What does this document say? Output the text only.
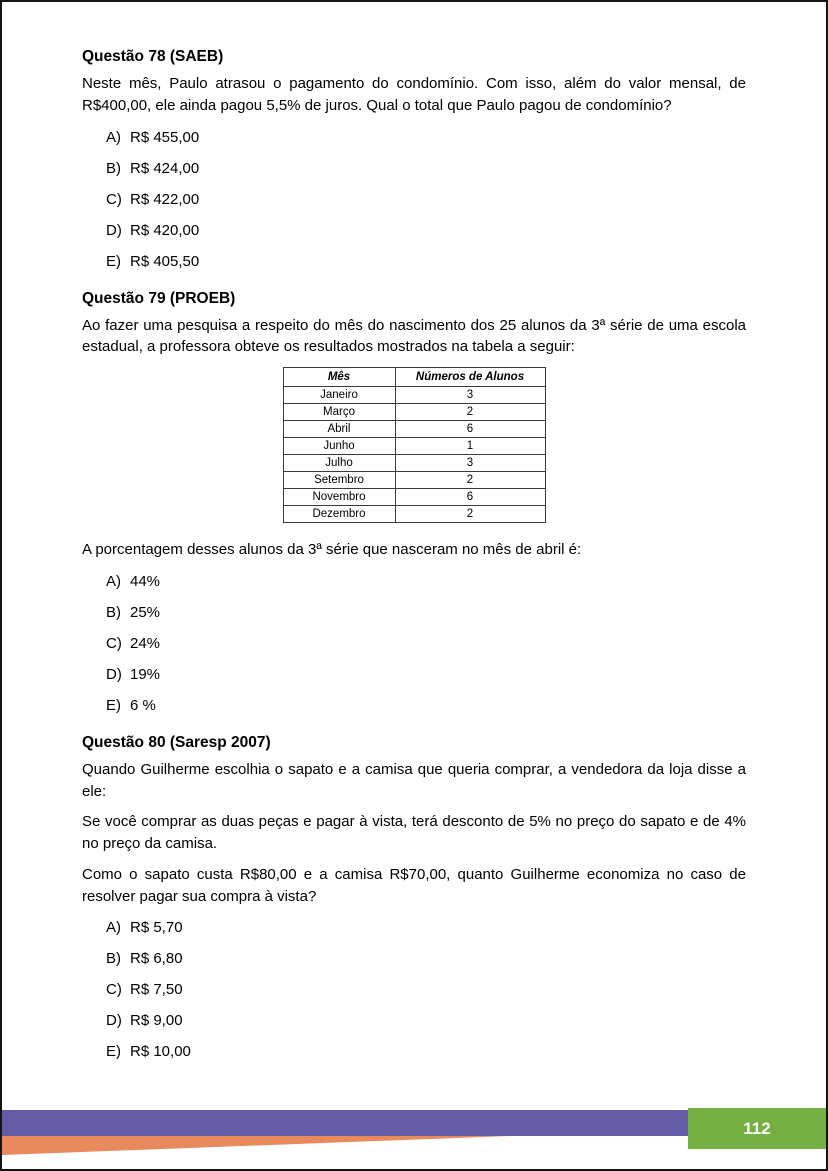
Questão 78 (SAEB)

Neste mês, Paulo atrasou o pagamento do condomínio. Com isso, além do valor mensal, de R$400,00, ele ainda pagou 5,5% de juros. Qual o total que Paulo pagou de condomínio?

A) R$ 455,00
B) R$ 424,00
C) R$ 422,00
D) R$ 420,00
E) R$ 405,50
Questão 79 (PROEB)

Ao fazer uma pesquisa a respeito do mês do nascimento dos 25 alunos da 3ª série de uma escola estadual, a professora obteve os resultados mostrados na tabela a seguir:

Mês	Números de Alunos
Janeiro	3
Março	2
Abril	6
Junho	1
Julho	3
Setembro	2
Novembro	6
Dezembro	2

A porcentagem desses alunos da 3ª série que nasceram no mês de abril é:

A) 44%
B) 25%
C) 24%
D) 19%
E) 6 %
Questão 80 (Saresp 2007)

Quando Guilherme escolhia o sapato e a camisa que queria comprar, a vendedora da loja disse a ele:

Se você comprar as duas peças e pagar à vista, terá desconto de 5% no preço do sapato e de 4% no preço da camisa.

Como o sapato custa R$80,00 e a camisa R$70,00, quanto Guilherme economiza no caso de resolver pagar sua compra à vista?

A) R$ 5,70
B) R$ 6,80
C) R$ 7,50
D) R$ 9,00
E) R$ 10,00
112
